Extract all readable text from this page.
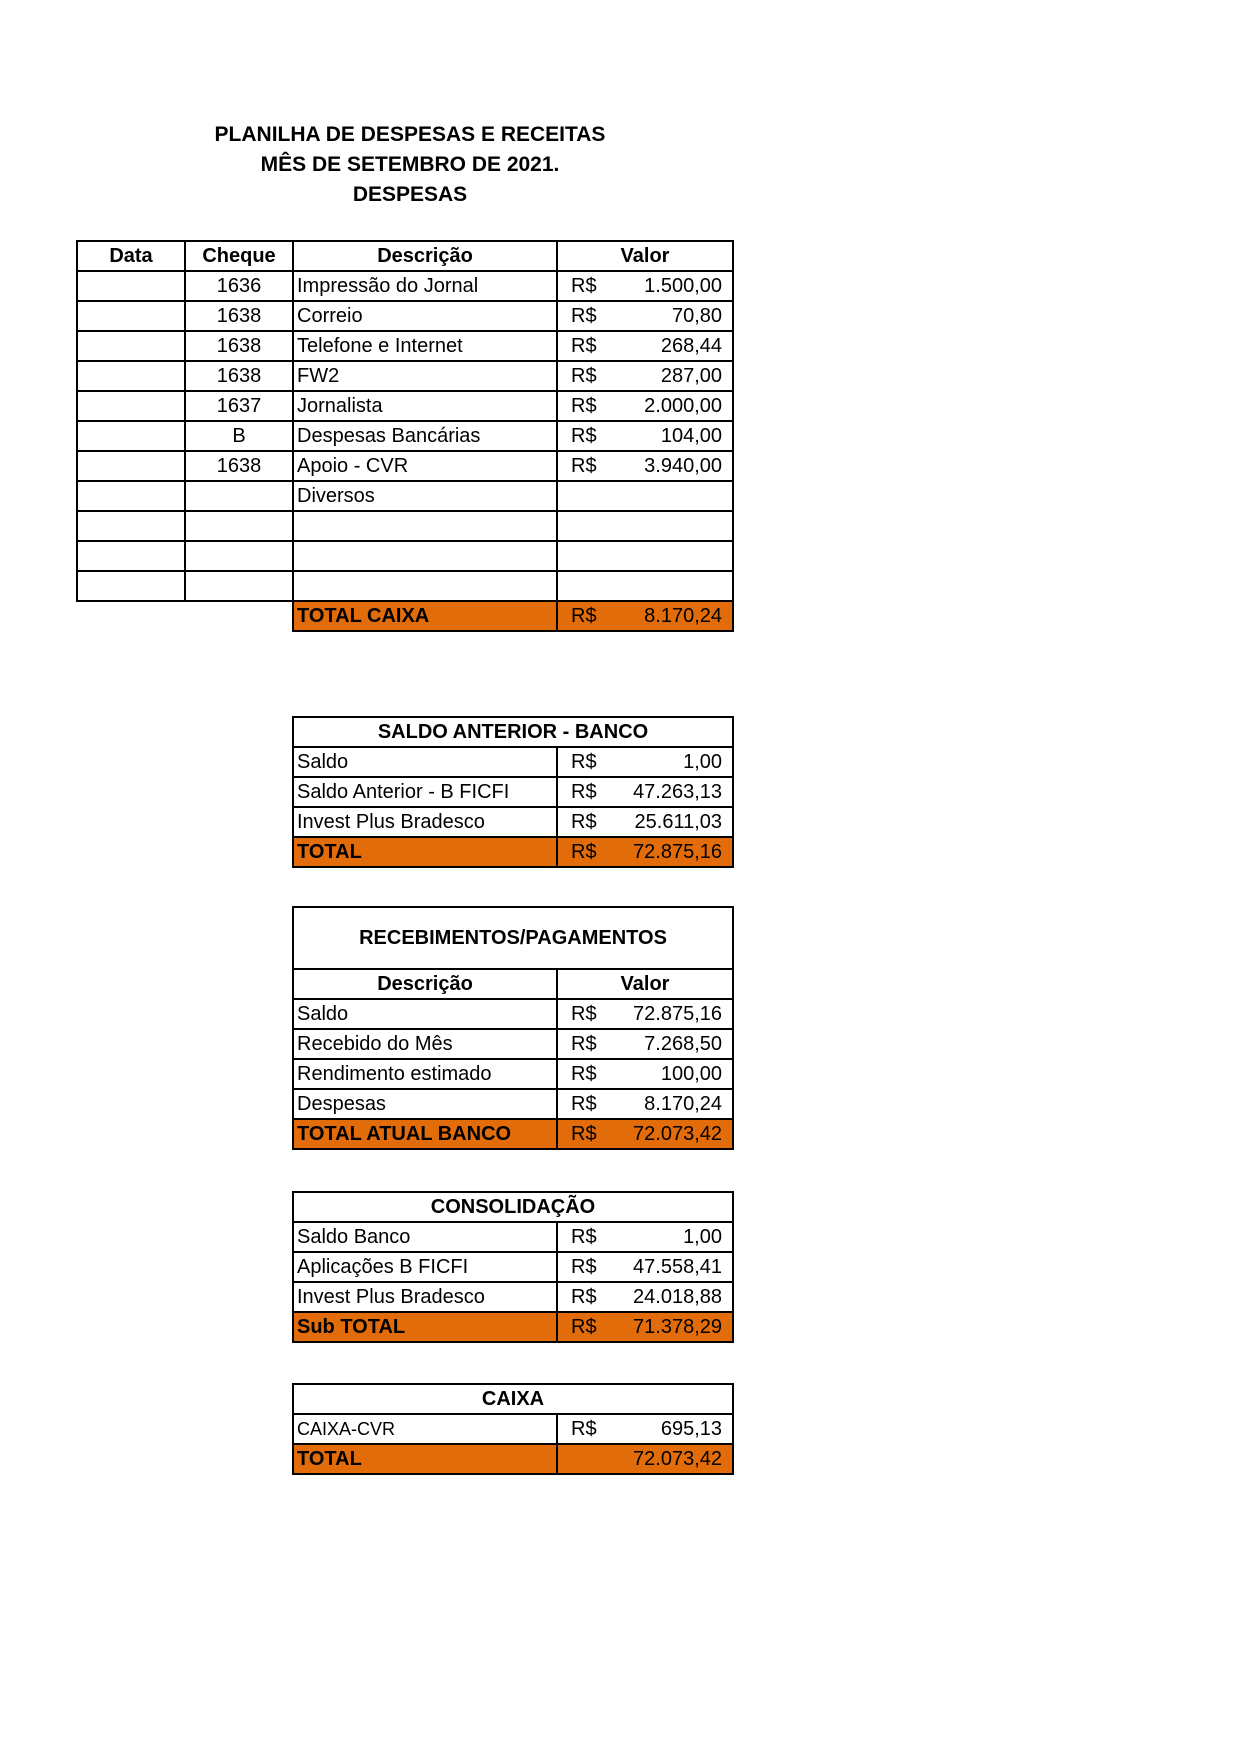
PLANILHA DE DESPESAS E RECEITAS
MÊS DE SETEMBRO DE 2021.
DESPESAS
Data	Cheque	Descrição	Valor	
	1636	Impressão do Jornal	R$	1.500,00
	1638	Correio	R$	70,80
	1638	Telefone e Internet	R$	268,44
	1638	FW2	R$	287,00
	1637	Jornalista	R$	2.000,00
	B	Despesas Bancárias	R$	104,00
	1638	Apoio - CVR	R$	3.940,00
		Diversos		

		TOTAL CAIXA	R$	8.170,24
SALDO ANTERIOR - BANCO		
Saldo	R$	1,00
Saldo Anterior - B FICFI	R$	47.263,13
Invest Plus Bradesco	R$	25.611,03
TOTAL	R$	72.875,16
RECEBIMENTOS/PAGAMENTOS		
Descrição	Valor	
Saldo	R$	72.875,16
Recebido do Mês	R$	7.268,50
Rendimento estimado	R$	100,00
Despesas	R$	8.170,24
TOTAL ATUAL BANCO	R$	72.073,42
CONSOLIDAÇÃO		
Saldo Banco	R$	1,00
Aplicações B FICFI	R$	47.558,41
Invest Plus Bradesco	R$	24.018,88
Sub TOTAL	R$	71.378,29
CAIXA		
CAIXA-CVR	R$	695,13
TOTAL	72.073,42	
